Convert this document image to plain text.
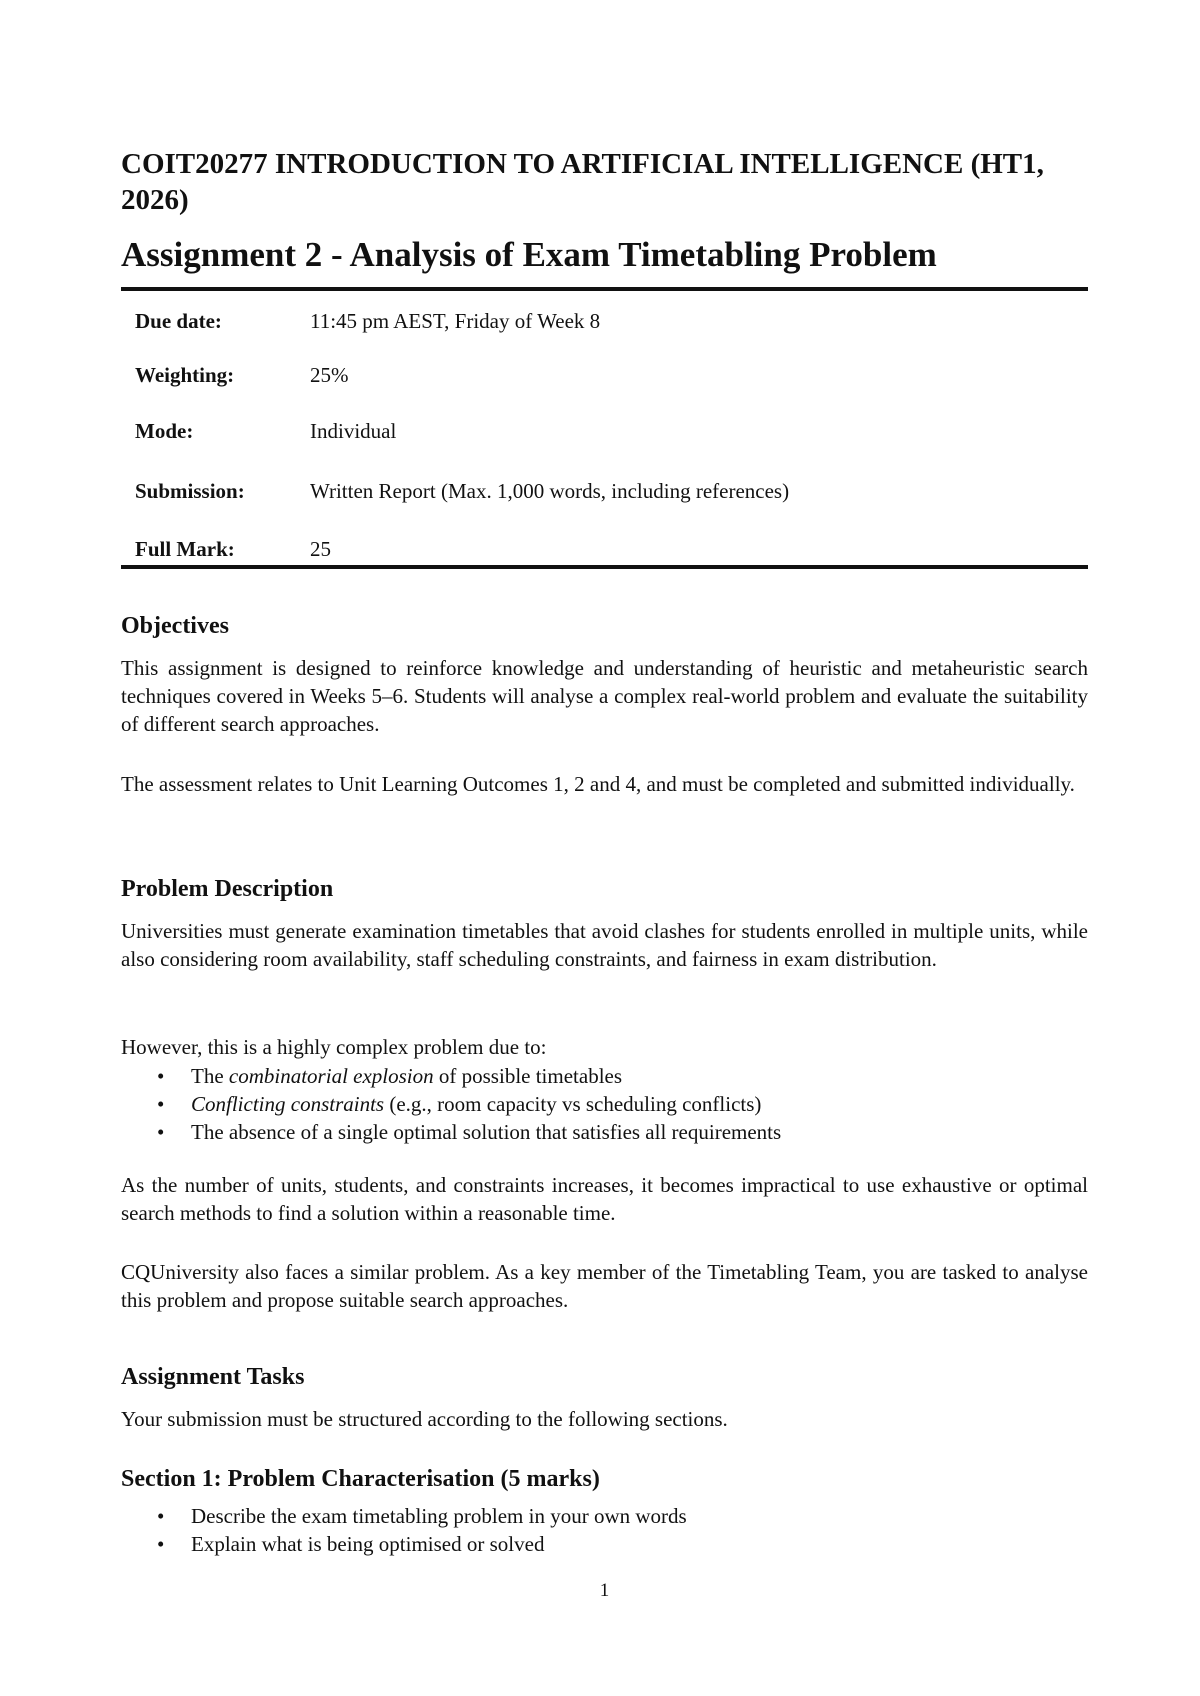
COIT20277 INTRODUCTION TO ARTIFICIAL INTELLIGENCE (HT1, 2026)
Assignment 2 - Analysis of Exam Timetabling Problem
Due date:	11:45 pm AEST, Friday of Week 8
Weighting:	25%
Mode:	Individual
Submission:	Written Report (Max. 1,000 words, including references)
Full Mark:	25
Objectives

This assignment is designed to reinforce knowledge and understanding of heuristic and metaheuristic search techniques covered in Weeks 5–6. Students will analyse a complex real-world problem and evaluate the suitability of different search approaches.

The assessment relates to Unit Learning Outcomes 1, 2 and 4, and must be completed and submitted individually.

Problem Description

Universities must generate examination timetables that avoid clashes for students enrolled in multiple units, while also considering room availability, staff scheduling constraints, and fairness in exam distribution.

However, this is a highly complex problem due to:

• The combinatorial explosion of possible timetables
• Conflicting constraints (e.g., room capacity vs scheduling conflicts)
• The absence of a single optimal solution that satisfies all requirements

As the number of units, students, and constraints increases, it becomes impractical to use exhaustive or optimal search methods to find a solution within a reasonable time.

CQUniversity also faces a similar problem. As a key member of the Timetabling Team, you are tasked to analyse this problem and propose suitable search approaches.

Assignment Tasks

Your submission must be structured according to the following sections.

Section 1: Problem Characterisation (5 marks)
• Describe the exam timetabling problem in your own words
• Explain what is being optimised or solved
1
